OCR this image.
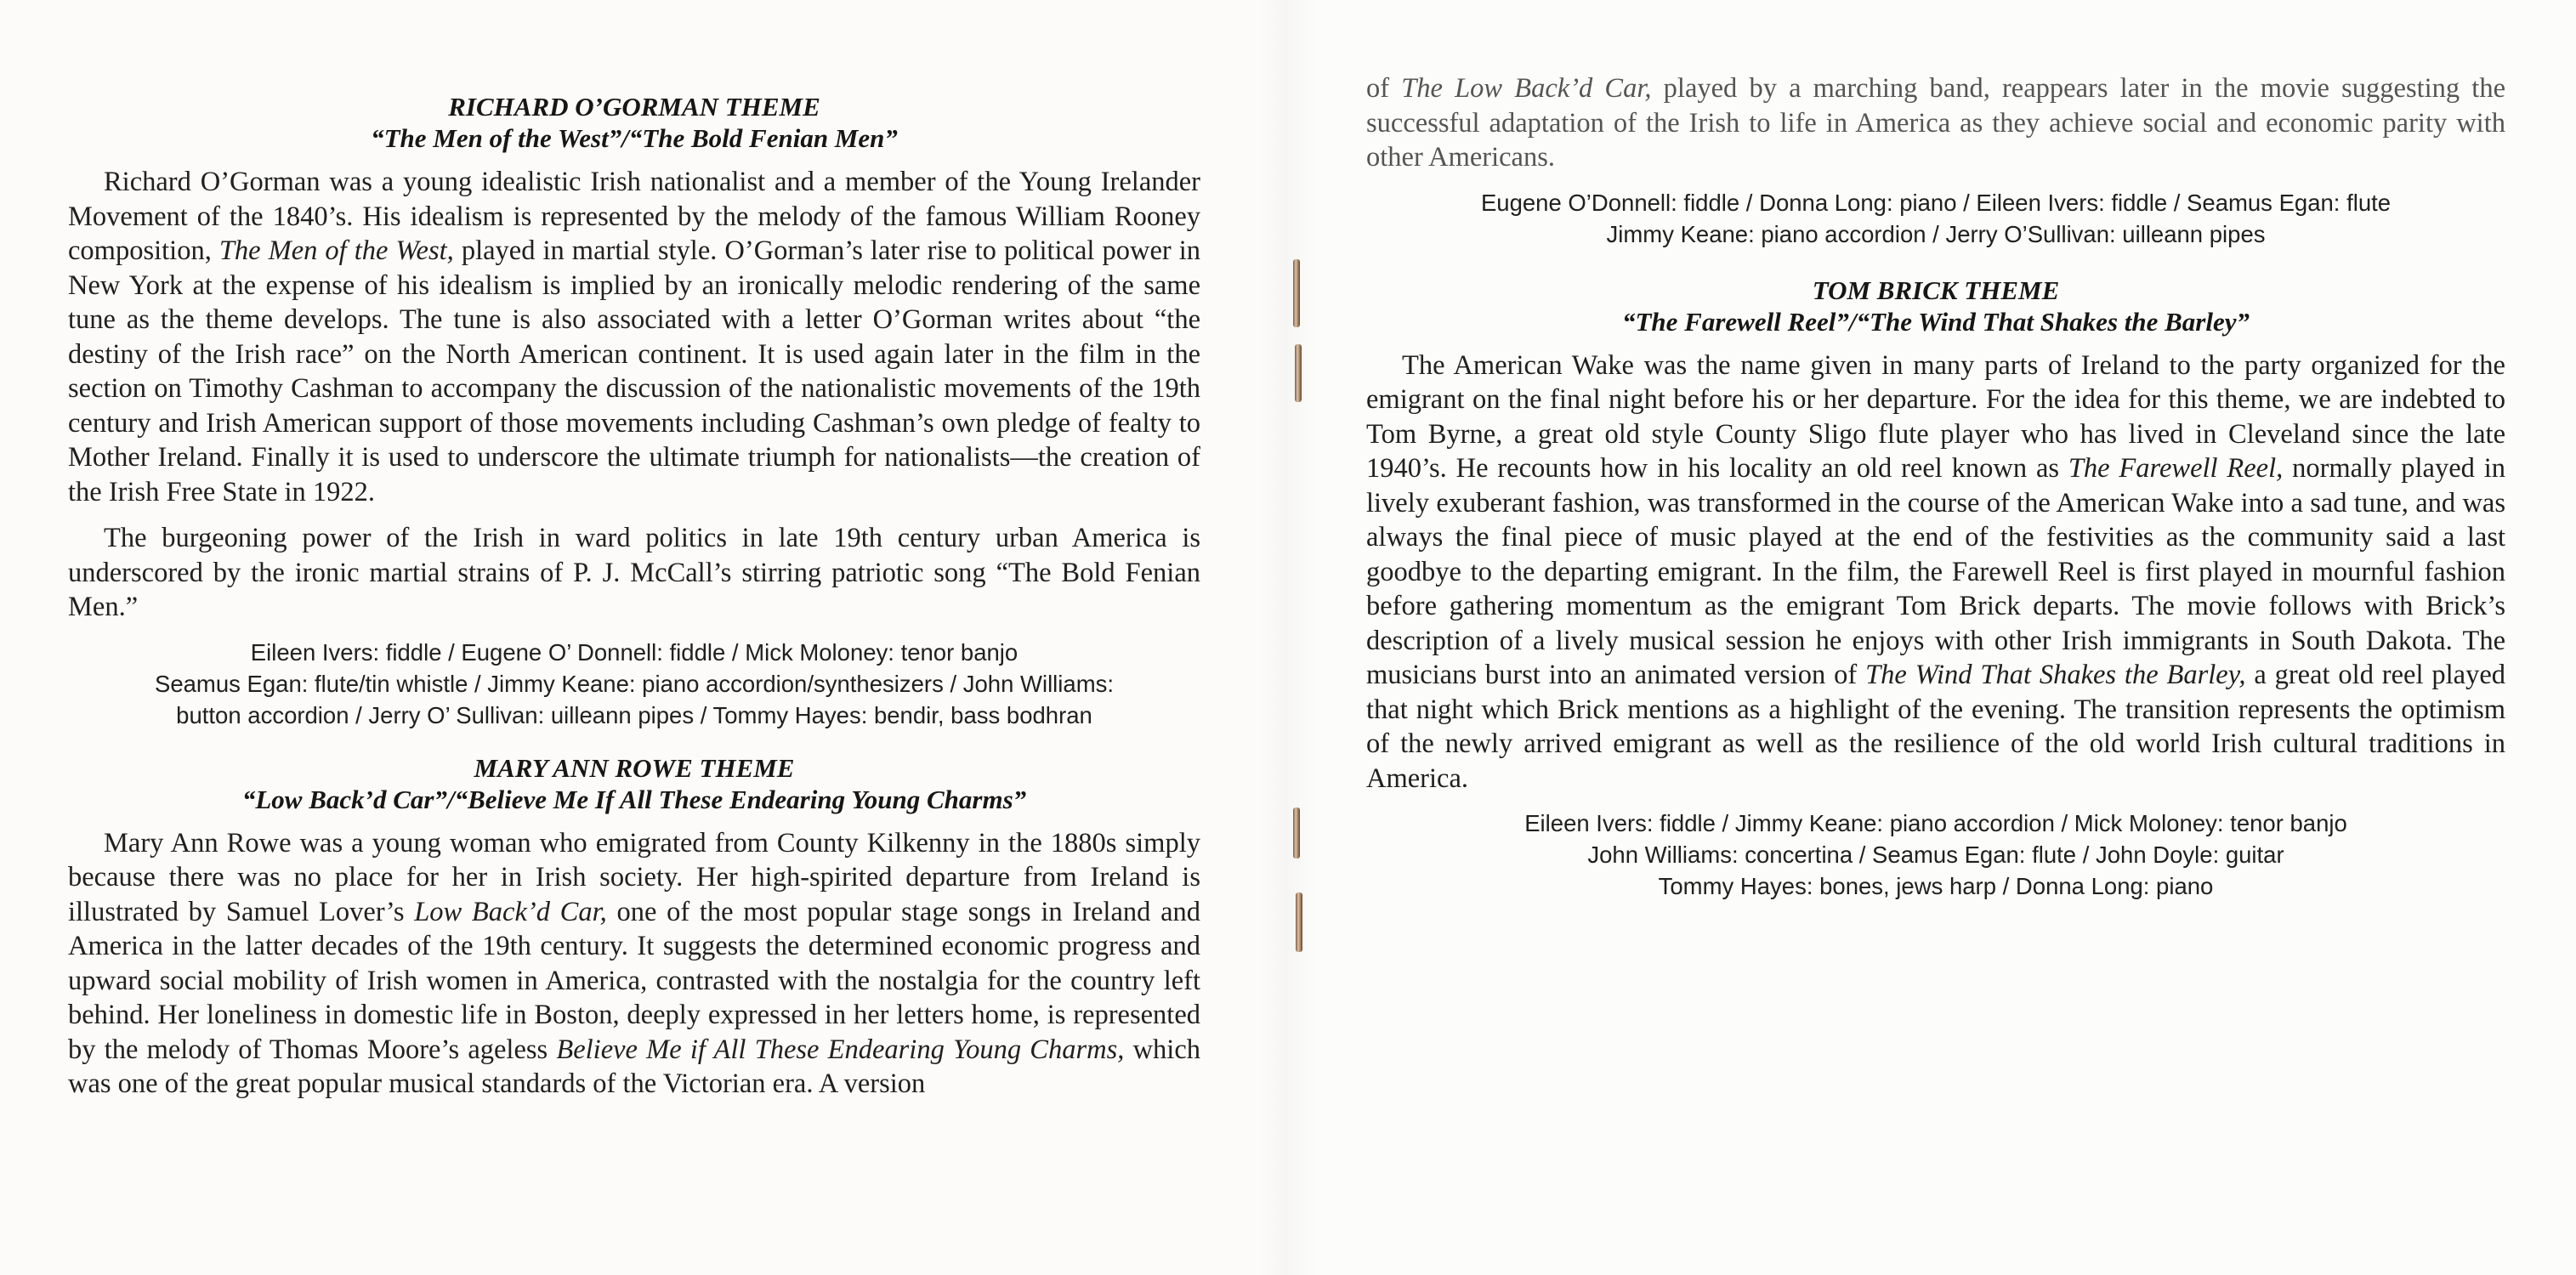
RICHARD O’GORMAN THEME
“The Men of the West”/“The Bold Fenian Men”

Richard O’Gorman was a young idealistic Irish nationalist and a member of the Young Irelander Movement of the 1840’s. His idealism is represented by the melody of the famous William Rooney composition, The Men of the West, played in martial style. O’Gorman’s later rise to political power in New York at the expense of his idealism is implied by an ironically melodic rendering of the same tune as the theme develops. The tune is also associated with a letter O’Gorman writes about “the destiny of the Irish race” on the North American continent. It is used again later in the film in the section on Timothy Cashman to accompany the discussion of the nationalistic movements of the 19th century and Irish American support of those movements including Cashman’s own pledge of fealty to Mother Ireland. Finally it is used to underscore the ultimate triumph for nationalists—the creation of the Irish Free State in 1922.

The burgeoning power of the Irish in ward politics in late 19th century urban America is underscored by the ironic martial strains of P. J. McCall’s stirring patriotic song “The Bold Fenian Men.”

Eileen Ivers: fiddle / Eugene O’ Donnell: fiddle / Mick Moloney: tenor banjo
Seamus Egan: flute/tin whistle / Jimmy Keane: piano accordion/synthesizers / John Williams:
button accordion / Jerry O’ Sullivan: uilleann pipes / Tommy Hayes: bendir, bass bodhran
MARY ANN ROWE THEME
“Low Back’d Car”/“Believe Me If All These Endearing Young Charms”

Mary Ann Rowe was a young woman who emigrated from County Kilkenny in the 1880s simply because there was no place for her in Irish society. Her high-spirited departure from Ireland is illustrated by Samuel Lover’s Low Back’d Car, one of the most popular stage songs in Ireland and America in the latter decades of the 19th century. It suggests the determined economic progress and upward social mobility of Irish women in America, contrasted with the nostalgia for the country left behind. Her loneliness in domestic life in Boston, deeply expressed in her letters home, is represented by the melody of Thomas Moore’s ageless Believe Me if All These Endearing Young Charms, which was one of the great popular musical standards of the Victorian era. A version

of The Low Back’d Car, played by a marching band, reappears later in the movie suggesting the successful adaptation of the Irish to life in America as they achieve social and economic parity with other Americans.

Eugene O’Donnell: fiddle / Donna Long: piano / Eileen Ivers: fiddle / Seamus Egan: flute
Jimmy Keane: piano accordion / Jerry O’Sullivan: uilleann pipes
TOM BRICK THEME
“The Farewell Reel”/“The Wind That Shakes the Barley”

The American Wake was the name given in many parts of Ireland to the party organized for the emigrant on the final night before his or her departure. For the idea for this theme, we are indebted to Tom Byrne, a great old style County Sligo flute player who has lived in Cleveland since the late 1940’s. He recounts how in his locality an old reel known as The Farewell Reel, normally played in lively exuberant fashion, was transformed in the course of the American Wake into a sad tune, and was always the final piece of music played at the end of the festivities as the community said a last goodbye to the departing emigrant. In the film, the Farewell Reel is first played in mournful fashion before gathering momentum as the emigrant Tom Brick departs. The movie follows with Brick’s description of a lively musical session he enjoys with other Irish immigrants in South Dakota. The musicians burst into an animated version of The Wind That Shakes the Barley, a great old reel played that night which Brick mentions as a highlight of the evening. The transition represents the optimism of the newly arrived emigrant as well as the resilience of the old world Irish cultural traditions in America.

Eileen Ivers: fiddle / Jimmy Keane: piano accordion / Mick Moloney: tenor banjo
John Williams: concertina / Seamus Egan: flute / John Doyle: guitar
Tommy Hayes: bones, jews harp / Donna Long: piano
